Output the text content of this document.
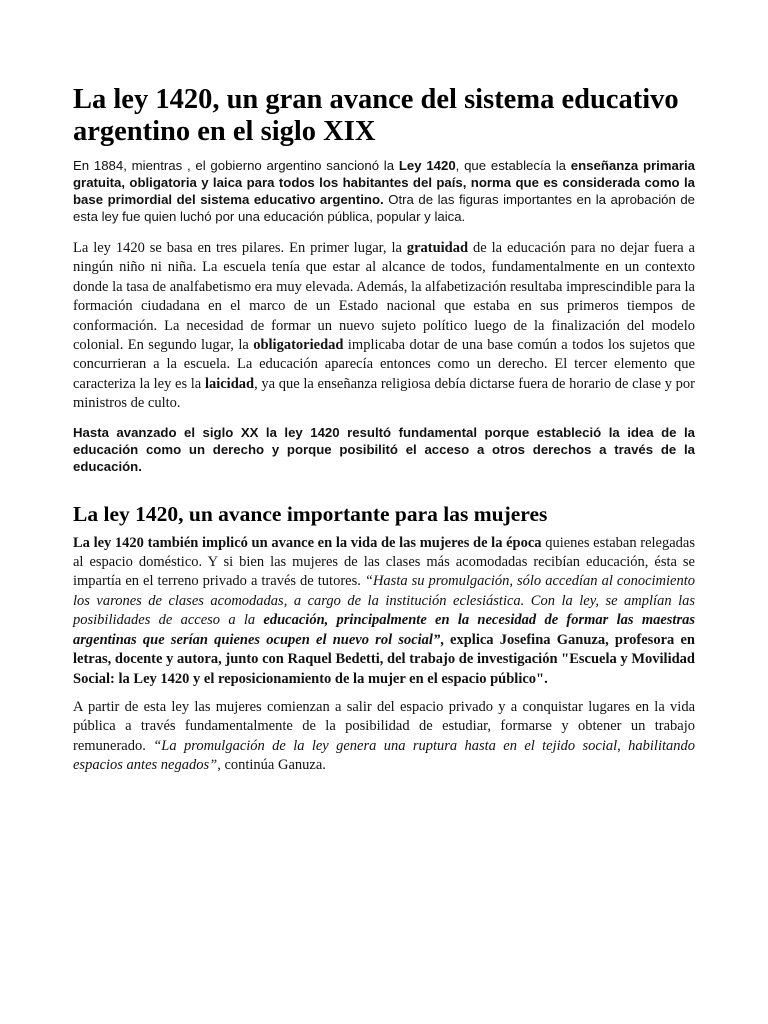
La ley 1420, un gran avance del sistema educativo argentino en el siglo XIX

En 1884, mientras , el gobierno argentino sancionó la Ley 1420, que establecía la enseñanza primaria gratuita, obligatoria y laica para todos los habitantes del país, norma que es considerada como la base primordial del sistema educativo argentino. Otra de las figuras importantes en la aprobación de esta ley fue quien luchó por una educación pública, popular y laica.

La ley 1420 se basa en tres pilares. En primer lugar, la gratuidad de la educación para no dejar fuera a ningún niño ni niña. La escuela tenía que estar al alcance de todos, fundamentalmente en un contexto donde la tasa de analfabetismo era muy elevada. Además, la alfabetización resultaba imprescindible para la formación ciudadana en el marco de un Estado nacional que estaba en sus primeros tiempos de conformación. La necesidad de formar un nuevo sujeto político luego de la finalización del modelo colonial. En segundo lugar, la obligatoriedad implicaba dotar de una base común a todos los sujetos que concurrieran a la escuela. La educación aparecía entonces como un derecho. El tercer elemento que caracteriza la ley es la laicidad, ya que la enseñanza religiosa debía dictarse fuera de horario de clase y por ministros de culto.

Hasta avanzado el siglo XX la ley 1420 resultó fundamental porque estableció la idea de la educación como un derecho y porque posibilitó el acceso a otros derechos a través de la educación.

La ley 1420, un avance importante para las mujeres

La ley 1420 también implicó un avance en la vida de las mujeres de la época quienes estaban relegadas al espacio doméstico. Y si bien las mujeres de las clases más acomodadas recibían educación, ésta se impartía en el terreno privado a través de tutores. “Hasta su promulgación, sólo accedían al conocimiento los varones de clases acomodadas, a cargo de la institución eclesiástica. Con la ley, se amplían las posibilidades de acceso a la educación, principalmente en la necesidad de formar las maestras argentinas que serían quienes ocupen el nuevo rol social”, explica Josefina Ganuza, profesora en letras, docente y autora, junto con Raquel Bedetti, del trabajo de investigación "Escuela y Movilidad Social: la Ley 1420 y el reposicionamiento de la mujer en el espacio público".

A partir de esta ley las mujeres comienzan a salir del espacio privado y a conquistar lugares en la vida pública a través fundamentalmente de la posibilidad de estudiar, formarse y obtener un trabajo remunerado. “La promulgación de la ley genera una ruptura hasta en el tejido social, habilitando espacios antes negados”, continúa Ganuza.
